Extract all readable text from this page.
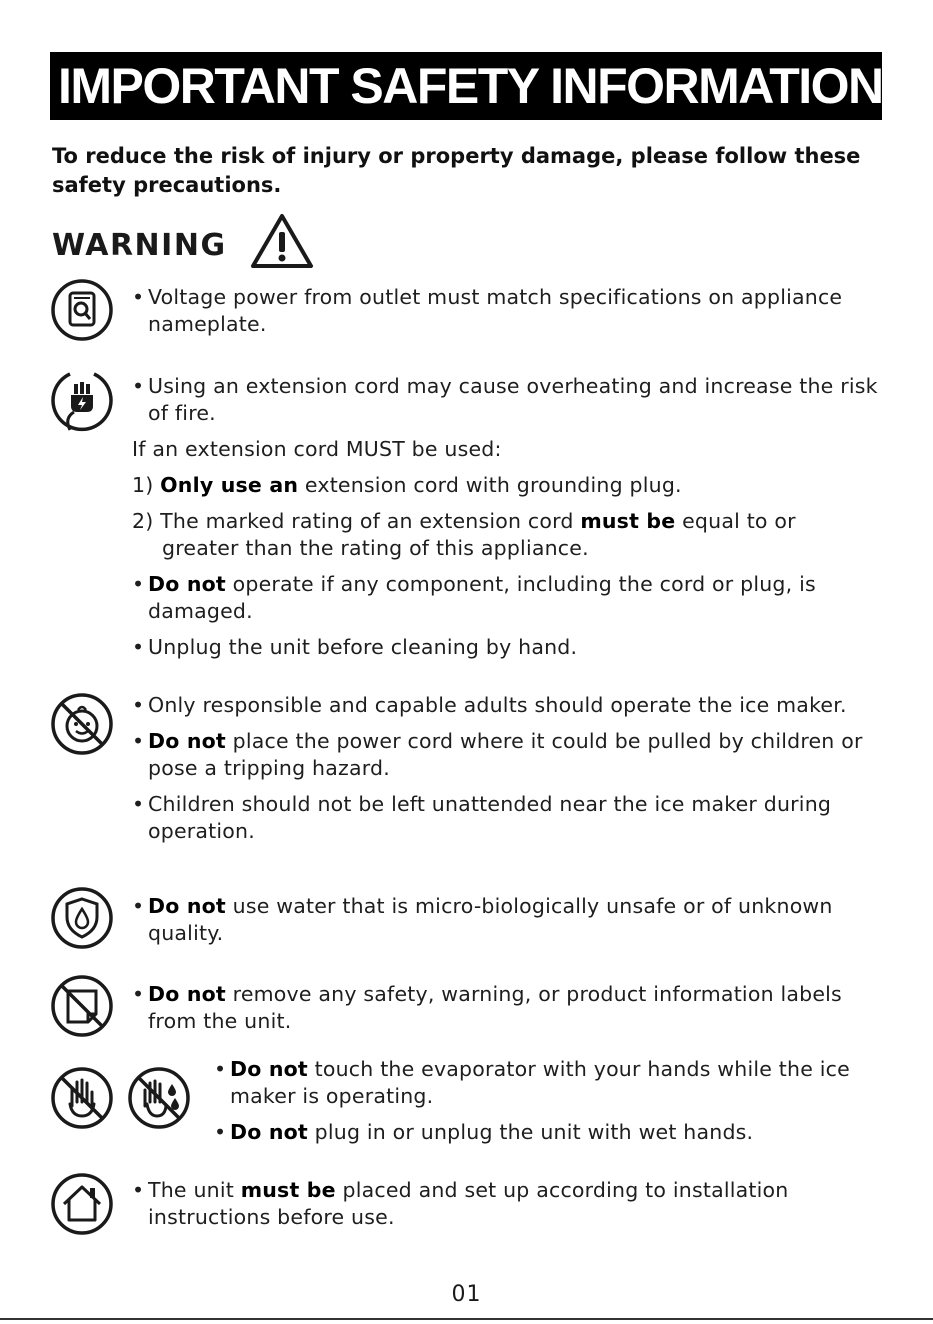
IMPORTANT SAFETY INFORMATION
To reduce the risk of injury or property damage, please follow these safety precautions.
WARNING
• Voltage power from outlet must match specifications on appliance nameplate.
• Using an extension cord may cause overheating and increase the risk of fire.
If an extension cord MUST be used:
1) Only use an extension cord with grounding plug.
2) The marked rating of an extension cord must be equal to or
greater than the rating of this appliance.
• Do not operate if any component, including the cord or plug, is damaged.
• Unplug the unit before cleaning by hand.
• Only responsible and capable adults should operate the ice maker.
• Do not place the power cord where it could be pulled by children or pose a tripping hazard.
• Children should not be left unattended near the ice maker during operation.
• Do not use water that is micro-biologically unsafe or of unknown quality.
• Do not remove any safety, warning, or product information labels from the unit.
• Do not touch the evaporator with your hands while the ice maker is operating.
• Do not plug in or unplug the unit with wet hands.
• The unit must be placed and set up according to installation instructions before use.
01
